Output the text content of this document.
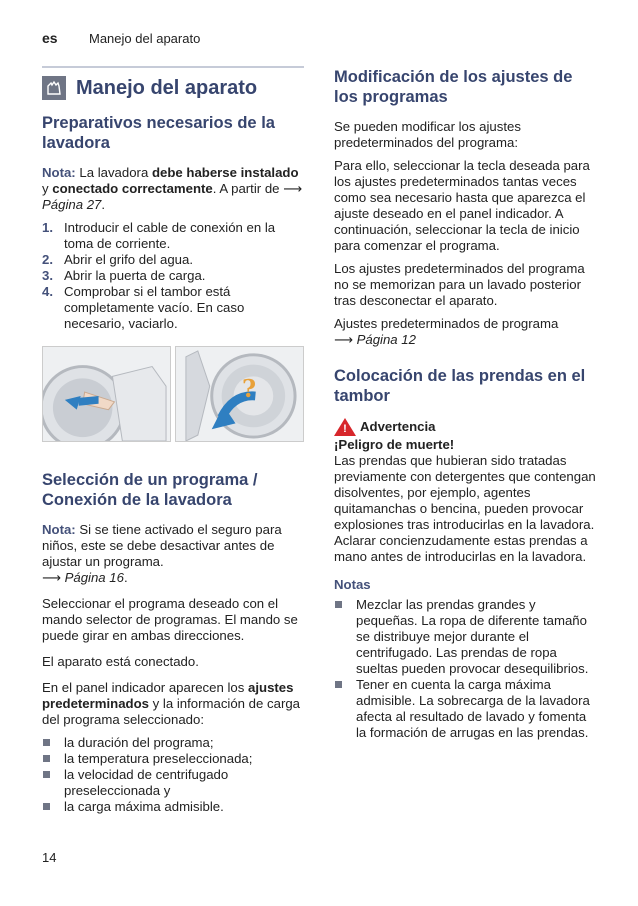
es Manejo del aparato
Manejo del aparato
Preparativos necesarios de la lavadora

Nota: La lavadora debe haberse instalado y conectado correctamente. A partir de ⟶ Página 27.

1. Introducir el cable de conexión en la toma de corriente.
2. Abrir el grifo del agua.
3. Abrir la puerta de carga.
4. Comprobar si el tambor está completamente vacío. En caso necesario, vaciarlo.
?
Selección de un programa / Conexión de la lavadora

Nota: Si se tiene activado el seguro para niños, este se debe desactivar antes de ajustar un programa.
⟶ Página 16.

Seleccionar el programa deseado con el mando selector de programas. El mando se puede girar en ambas direcciones.

El aparato está conectado.

En el panel indicador aparecen los ajustes predeterminados y la información de carga del programa seleccionado:

la duración del programa;
la temperatura preseleccionada;
la velocidad de centrifugado preseleccionada y
la carga máxima admisible.
Modificación de los ajustes de los programas

Se pueden modificar los ajustes predeterminados del programa:

Para ello, seleccionar la tecla deseada para los ajustes predeterminados tantas veces como sea necesario hasta que aparezca el ajuste deseado en el panel indicador. A continuación, seleccionar la tecla de inicio para comenzar el programa.

Los ajustes predeterminados del programa no se memorizan para un lavado posterior tras desconectar el aparato.

Ajustes predeterminados de programa
⟶ Página 12

Colocación de las prendas en el tambor
! Advertencia
¡Peligro de muerte!
Las prendas que hubieran sido tratadas previamente con detergentes que contengan disolventes, por ejemplo, agentes quitamanchas o bencina, pueden provocar explosiones tras introducirlas en la lavadora.
Aclarar concienzudamente estas prendas a mano antes de introducirlas en la lavadora.
Notas
Mezclar las prendas grandes y pequeñas. La ropa de diferente tamaño se distribuye mejor durante el centrifugado. Las prendas de ropa sueltas pueden provocar desequilibrios.
Tener en cuenta la carga máxima admisible. La sobrecarga de la lavadora afecta al resultado de lavado y fomenta la formación de arrugas en las prendas.
14
